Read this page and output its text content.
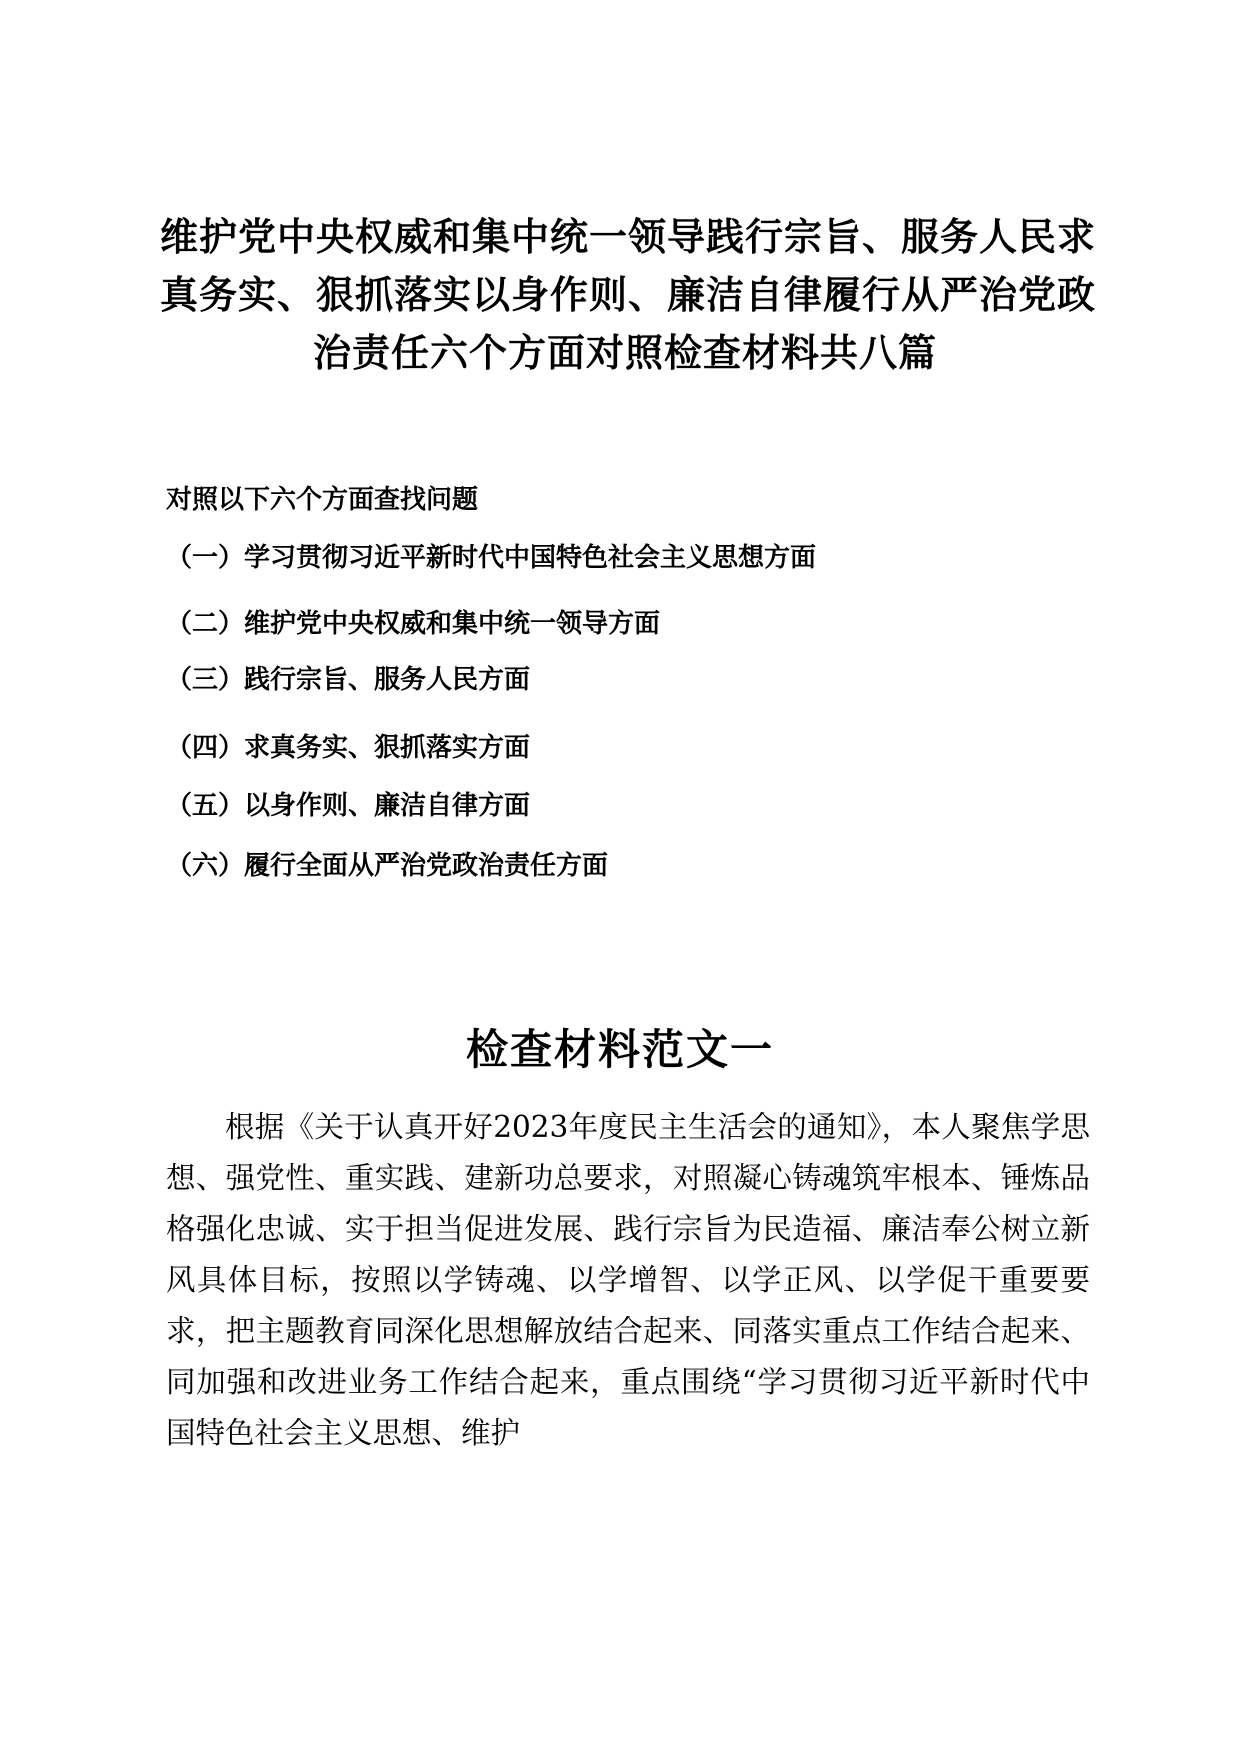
维护党中央权威和集中统一领导践行宗旨、服务人民求
真务实、狠抓落实以身作则、廉洁自律履行从严治党政
治责任六个方面对照检查材料共八篇
对照以下六个方面查找问题
（一）学习贯彻习近平新时代中国特色社会主义思想方面
（二）维护党中央权威和集中统一领导方面
（三）践行宗旨、服务人民方面
（四）求真务实、狠抓落实方面
（五）以身作则、廉洁自律方面
（六）履行全面从严治党政治责任方面
检查材料范文一
根据《关于认真开好2023年度民主生活会的通知》，本人聚焦学思想、强党性、重实践、建新功总要求，对照凝心铸魂筑牢根本、锤炼品格强化忠诚、实于担当促进发展、践行宗旨为民造福、廉洁奉公树立新风具体目标，按照以学铸魂、以学增智、以学正风、以学促干重要要求，把主题教育同深化思想解放结合起来、同落实重点工作结合起来、同加强和改进业务工作结合起来，重点围绕“学习贯彻习近平新时代中国特色社会主义思想、维护
